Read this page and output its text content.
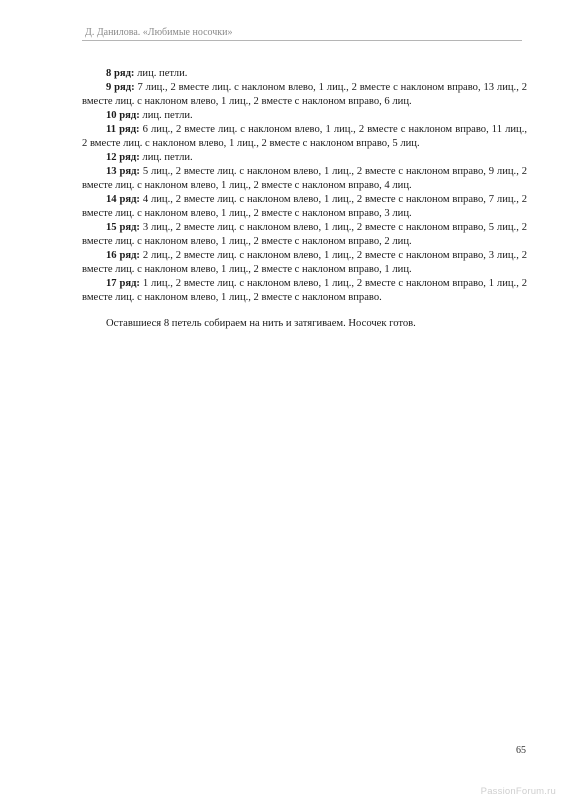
Д. Данилова. «Любимые носочки»

8 ряд: лиц. петли.

9 ряд: 7 лиц., 2 вместе лиц. с наклоном влево, 1 лиц., 2 вместе с наклоном вправо, 13 лиц., 2 вместе лиц. с наклоном влево, 1 лиц., 2 вместе с наклоном вправо, 6 лиц.

10 ряд: лиц. петли.

11 ряд: 6 лиц., 2 вместе лиц. с наклоном влево, 1 лиц., 2 вместе с наклоном вправо, 11 лиц., 2 вместе лиц. с наклоном влево, 1 лиц., 2 вместе с наклоном вправо, 5 лиц.

12 ряд: лиц. петли.

13 ряд: 5 лиц., 2 вместе лиц. с наклоном влево, 1 лиц., 2 вместе с наклоном вправо, 9 лиц., 2 вместе лиц. с наклоном влево, 1 лиц., 2 вместе с наклоном вправо, 4 лиц.

14 ряд: 4 лиц., 2 вместе лиц. с наклоном влево, 1 лиц., 2 вместе с наклоном вправо, 7 лиц., 2 вместе лиц. с наклоном влево, 1 лиц., 2 вместе с наклоном вправо, 3 лиц.

15 ряд: 3 лиц., 2 вместе лиц. с наклоном влево, 1 лиц., 2 вместе с наклоном вправо, 5 лиц., 2 вместе лиц. с наклоном влево, 1 лиц., 2 вместе с наклоном вправо, 2 лиц.

16 ряд: 2 лиц., 2 вместе лиц. с наклоном влево, 1 лиц., 2 вместе с наклоном вправо, 3 лиц., 2 вместе лиц. с наклоном влево, 1 лиц., 2 вместе с наклоном вправо, 1 лиц.

17 ряд: 1 лиц., 2 вместе лиц. с наклоном влево, 1 лиц., 2 вместе с наклоном вправо, 1 лиц., 2 вместе лиц. с наклоном влево, 1 лиц., 2 вместе с наклоном вправо.

Оставшиеся 8 петель собираем на нить и затягиваем. Носочек готов.

65
PassionForum.ru
